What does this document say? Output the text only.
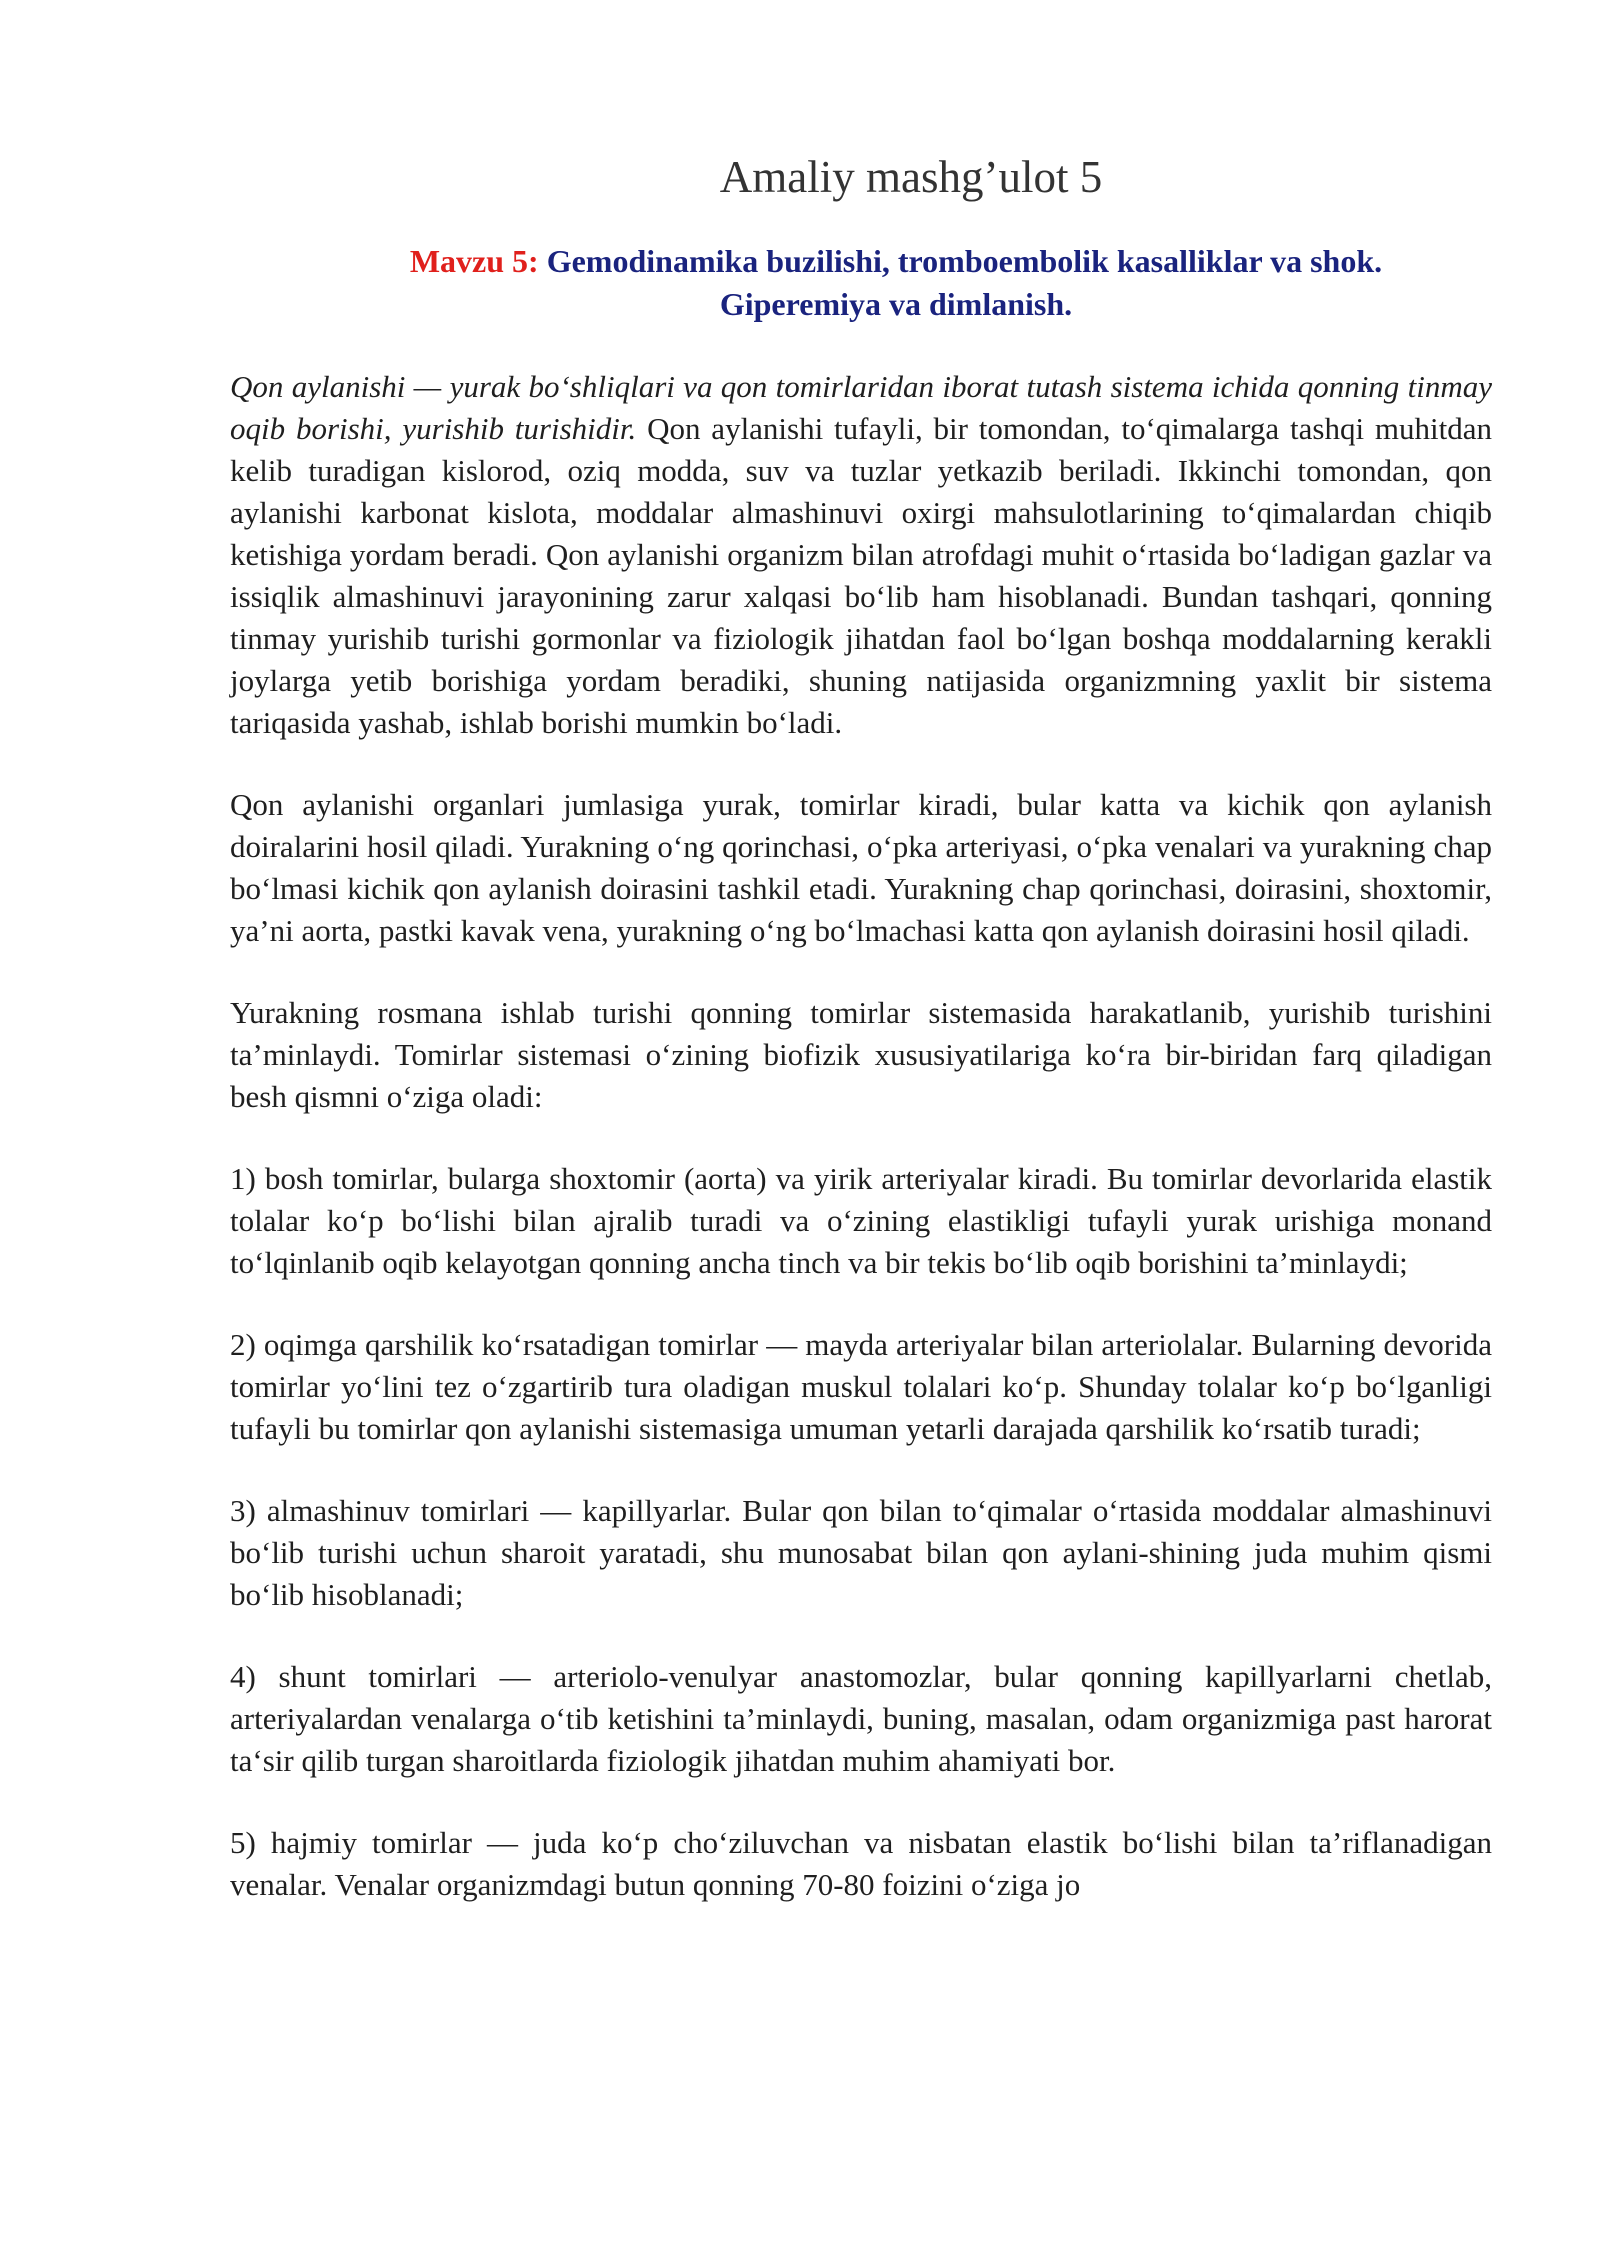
Amaliy mashg’ulot 5
Mavzu 5: Gemodinamika buzilishi, tromboembolik kasalliklar va shok.
Giperemiya va dimlanish.

Qon aylanishi — yurak bo‘shliqlari va qon tomirlaridan iborat tutash sistema ichida qonning tinmay oqib borishi, yurishib turishidir. Qon aylanishi tufayli, bir tomondan, to‘qimalarga tashqi muhitdan kelib turadigan kislorod, oziq modda, suv va tuzlar yetkazib beriladi. Ikkinchi tomondan, qon aylanishi karbonat kislota, moddalar almashinuvi oxirgi mahsulotlarining to‘qimalardan chiqib ketishiga yordam beradi. Qon aylanishi organizm bilan atrofdagi muhit o‘rtasida bo‘ladigan gazlar va issiqlik almashinuvi jarayonining zarur xalqasi bo‘lib ham hisoblanadi. Bundan tashqari, qonning tinmay yurishib turishi gormonlar va fiziologik jihatdan faol bo‘lgan boshqa moddalarning kerakli joylarga yetib borishiga yordam beradiki, shuning natijasida organizmning yaxlit bir sistema tariqasida yashab, ishlab borishi mumkin bo‘ladi.

Qon aylanishi organlari jumlasiga yurak, tomirlar kiradi, bular katta va kichik qon aylanish doiralarini hosil qiladi. Yurakning o‘ng qorinchasi, o‘pka arteriyasi, o‘pka venalari va yurakning chap bo‘lmasi kichik qon aylanish doirasini tashkil etadi. Yurakning chap qorinchasi, doirasini, shoxtomir, ya’ni aorta, pastki kavak vena, yurakning o‘ng bo‘lmachasi katta qon aylanish doirasini hosil qiladi.

Yurakning rosmana ishlab turishi qonning tomirlar sistemasida harakatlanib, yurishib turishini ta’minlaydi. Tomirlar sistemasi o‘zining biofizik xususiyatilariga ko‘ra bir-biridan farq qiladigan besh qismni o‘ziga oladi:

1) bosh tomirlar, bularga shoxtomir (aorta) va yirik arteriyalar kiradi. Bu tomirlar devorlarida elastik tolalar ko‘p bo‘lishi bilan ajralib turadi va o‘zining elastikligi tufayli yurak urishiga monand to‘lqinlanib oqib kelayotgan qonning ancha tinch va bir tekis bo‘lib oqib borishini ta’minlaydi;

2) oqimga qarshilik ko‘rsatadigan tomirlar — mayda arteriyalar bilan arteriolalar. Bularning devorida tomirlar yo‘lini tez o‘zgartirib tura oladigan muskul tolalari ko‘p. Shunday tolalar ko‘p bo‘lganligi tufayli bu tomirlar qon aylanishi sistemasiga umuman yetarli darajada qarshilik ko‘rsatib turadi;

3) almashinuv tomirlari — kapillyarlar. Bular qon bilan to‘qimalar o‘rtasida moddalar almashinuvi bo‘lib turishi uchun sharoit yaratadi, shu munosabat bilan qon aylani-shining juda muhim qismi bo‘lib hisoblanadi;

4) shunt tomirlari — arteriolo-venulyar anastomozlar, bular qonning kapillyarlarni chetlab, arteriyalardan venalarga o‘tib ketishini ta’minlaydi, buning, masalan, odam organizmiga past harorat ta‘sir qilib turgan sharoitlarda fiziologik jihatdan muhim ahamiyati bor.

5) hajmiy tomirlar — juda ko‘p cho‘ziluvchan va nisbatan elastik bo‘lishi bilan ta’riflanadigan venalar. Venalar organizmdagi butun qonning 70-80 foizini o‘ziga jo
